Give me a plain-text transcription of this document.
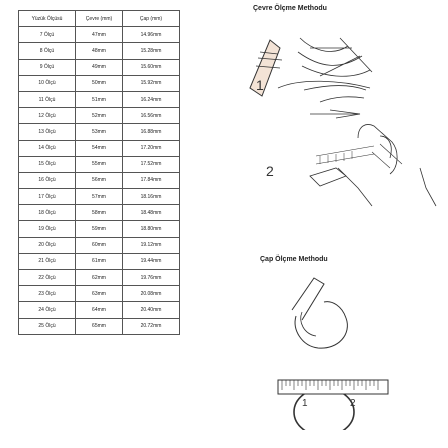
Yüzük Ölçüsü	Çevre (mm)	Çap (mm)
7 Ölçü	47mm	14.96mm
8 Ölçü	48mm	15.28mm
9 Ölçü	49mm	15.60mm
10 Ölçü	50mm	15.92mm
11 Ölçü	51mm	16.24mm
12 Ölçü	52mm	16.56mm
13 Ölçü	53mm	16.88mm
14 Ölçü	54mm	17.20mm
15 Ölçü	55mm	17.52mm
16 Ölçü	56mm	17.84mm
17 Ölçü	57mm	18.16mm
18 Ölçü	58mm	18.48mm
19 Ölçü	59mm	18.80mm
20 Ölçü	60mm	19.12mm
21 Ölçü	61mm	19.44mm
22 Ölçü	62mm	19.76mm
23 Ölçü	63mm	20.08mm
24 Ölçü	64mm	20.40mm
25 Ölçü	65mm	20.72mm
Çevre Ölçme Methodu
1
2
Çap Ölçme Methodu
1	2
